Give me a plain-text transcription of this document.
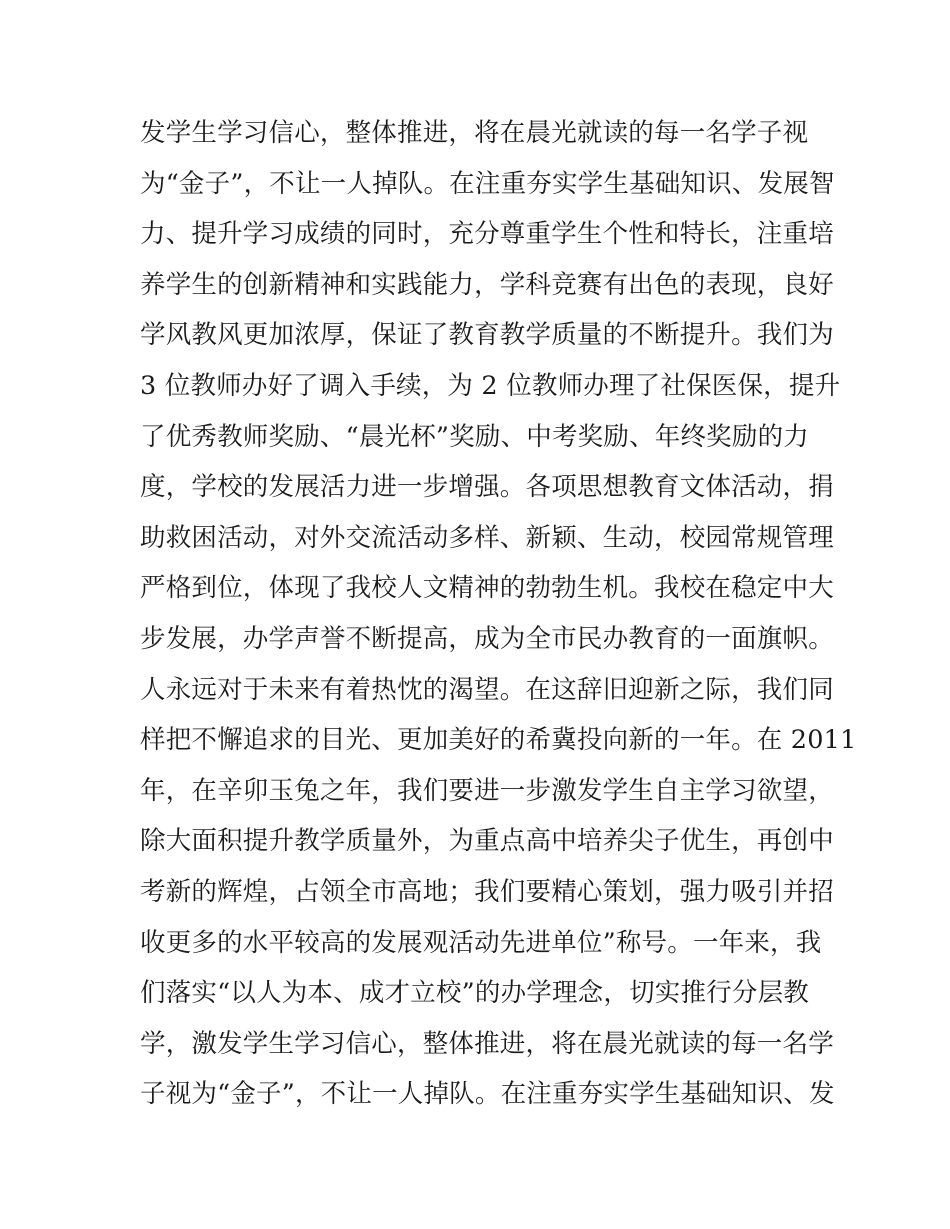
发学生学习信心，整体推进，将在晨光就读的每一名学子视
为“金子”，不让一人掉队。在注重夯实学生基础知识、发展智
力、提升学习成绩的同时，充分尊重学生个性和特长，注重培
养学生的创新精神和实践能力，学科竞赛有出色的表现，良好
学风教风更加浓厚，保证了教育教学质量的不断提升。我们为
3 位教师办好了调入手续，为 2 位教师办理了社保医保，提升
了优秀教师奖励、“晨光杯”奖励、中考奖励、年终奖励的力
度，学校的发展活力进一步增强。各项思想教育文体活动，捐
助救困活动，对外交流活动多样、新颖、生动，校园常规管理
严格到位，体现了我校人文精神的勃勃生机。我校在稳定中大
步发展，办学声誉不断提高，成为全市民办教育的一面旗帜。
人永远对于未来有着热忱的渴望。在这辞旧迎新之际，我们同
样把不懈追求的目光、更加美好的希冀投向新的一年。在 2011
年，在辛卯玉兔之年，我们要进一步激发学生自主学习欲望，
除大面积提升教学质量外，为重点高中培养尖子优生，再创中
考新的辉煌，占领全市高地；我们要精心策划，强力吸引并招
收更多的水平较高的发展观活动先进单位”称号。一年来，我
们落实“以人为本、成才立校”的办学理念，切实推行分层教
学，激发学生学习信心，整体推进，将在晨光就读的每一名学
子视为“金子”，不让一人掉队。在注重夯实学生基础知识、发
